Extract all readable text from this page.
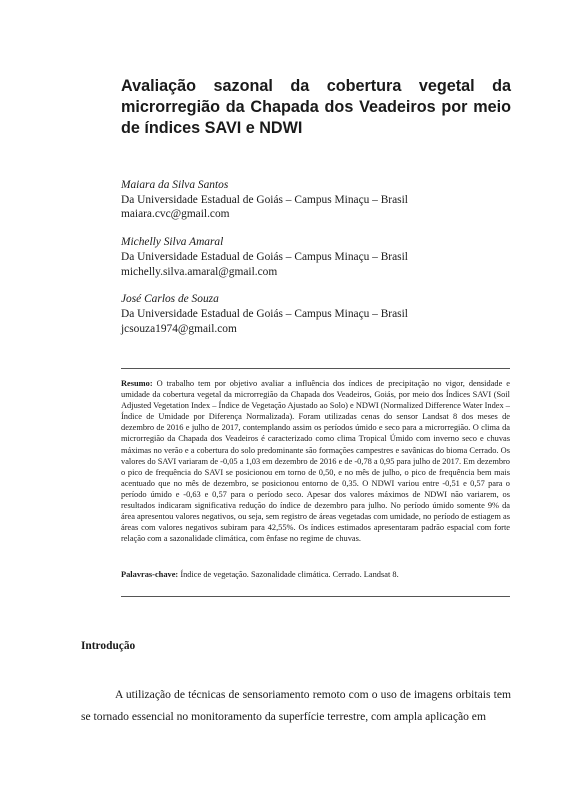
Avaliação sazonal da cobertura vegetal da microrregião da Chapada dos Veadeiros por meio de índices SAVI e NDWI
Maiara da Silva Santos
Da Universidade Estadual de Goiás – Campus Minaçu – Brasil
maiara.cvc@gmail.com
Michelly Silva Amaral
Da Universidade Estadual de Goiás – Campus Minaçu – Brasil
michelly.silva.amaral@gmail.com
José Carlos de Souza
Da Universidade Estadual de Goiás – Campus Minaçu – Brasil
jcsouza1974@gmail.com

Resumo: O trabalho tem por objetivo avaliar a influência dos índices de precipitação no vigor, densidade e umidade da cobertura vegetal da microrregião da Chapada dos Veadeiros, Goiás, por meio dos Índices SAVI (Soil Adjusted Vegetation Index – Índice de Vegetação Ajustado ao Solo) e NDWI (Normalized Difference Water Index – Índice de Umidade por Diferença Normalizada). Foram utilizadas cenas do sensor Landsat 8 dos meses de dezembro de 2016 e julho de 2017, contemplando assim os períodos úmido e seco para a microrregião. O clima da microrregião da Chapada dos Veadeiros é caracterizado como clima Tropical Úmido com inverno seco e chuvas máximas no verão e a cobertura do solo predominante são formações campestres e savânicas do bioma Cerrado. Os valores do SAVI variaram de -0,05 a 1,03 em dezembro de 2016 e de -0,78 a 0,95 para julho de 2017. Em dezembro o pico de frequência do SAVI se posicionou em torno de 0,50, e no mês de julho, o pico de frequência bem mais acentuado que no mês de dezembro, se posicionou entorno de 0,35. O NDWI variou entre -0,51 e 0,57 para o período úmido e -0,63 e 0,57 para o período seco. Apesar dos valores máximos de NDWI não variarem, os resultados indicaram significativa redução do índice de dezembro para julho. No período úmido somente 9% da área apresentou valores negativos, ou seja, sem registro de áreas vegetadas com umidade, no período de estiagem as áreas com valores negativos subiram para 42,55%. Os índices estimados apresentaram padrão espacial com forte relação com a sazonalidade climática, com ênfase no regime de chuvas.

Palavras-chave: Índice de vegetação. Sazonalidade climática. Cerrado. Landsat 8.

Introdução

A utilização de técnicas de sensoriamento remoto com o uso de imagens orbitais tem se tornado essencial no monitoramento da superfície terrestre, com ampla aplicação em
